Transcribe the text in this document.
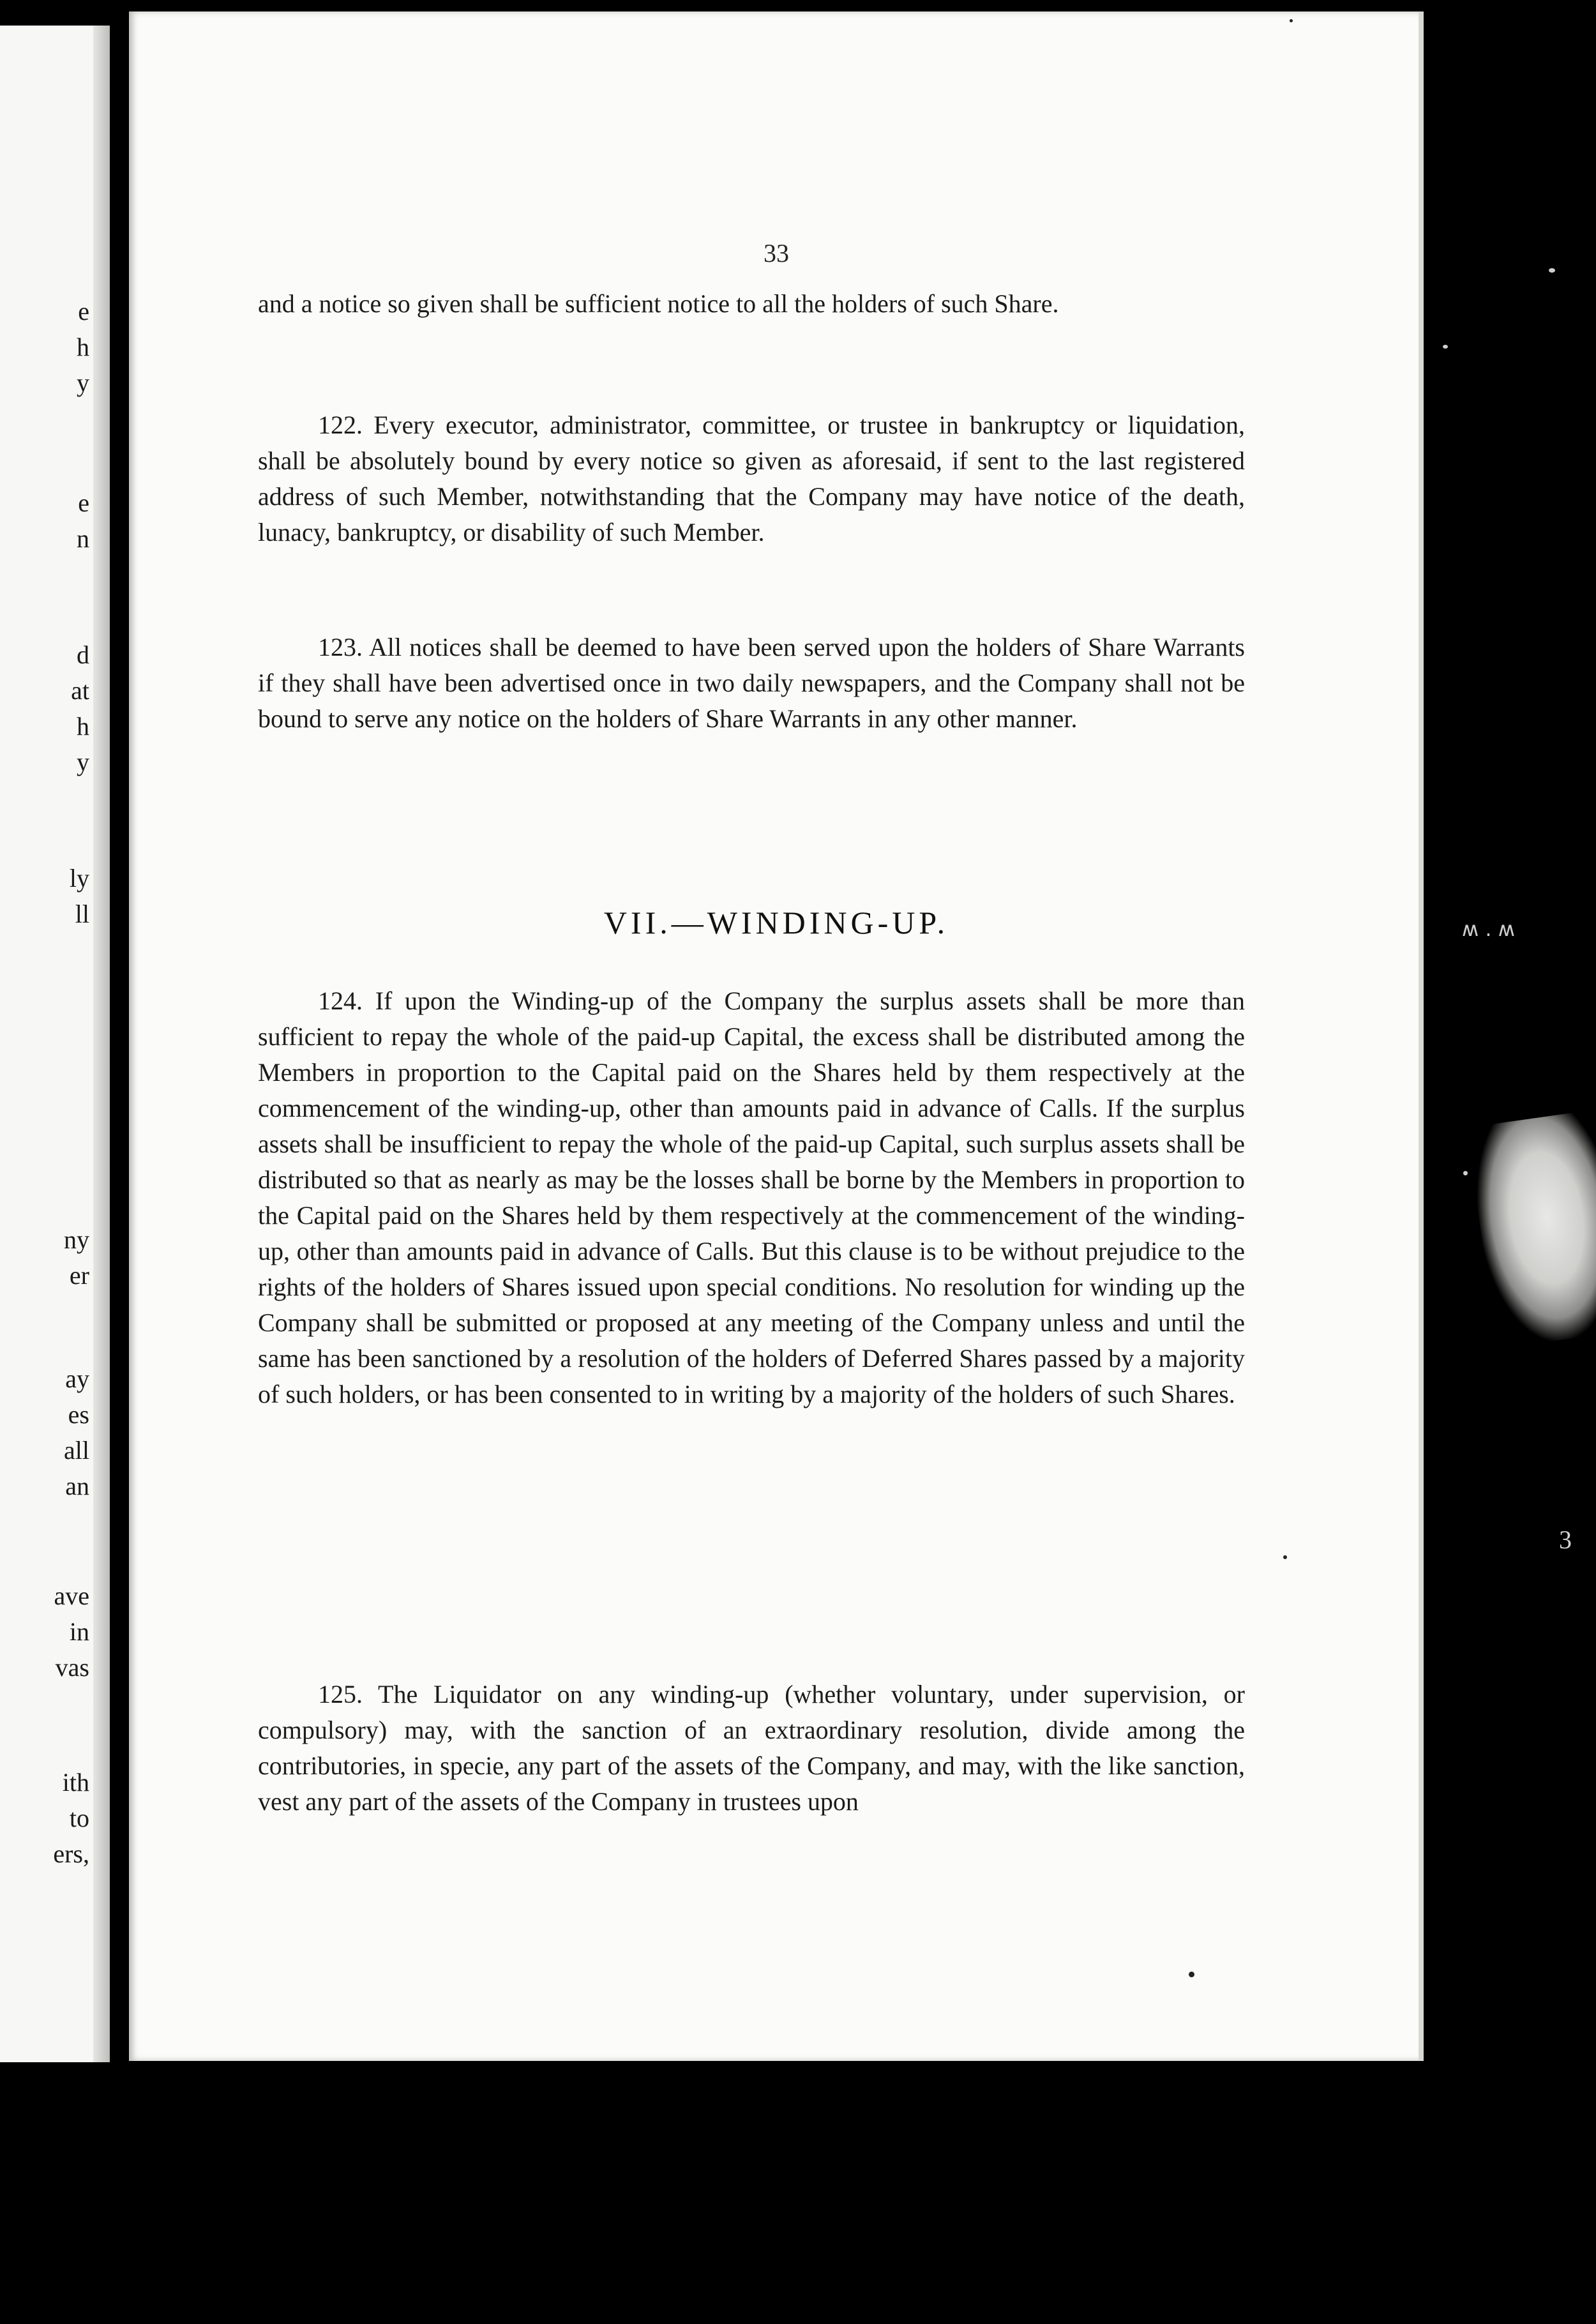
e
h
y
e
n
d
at
h
y
ly
ll
ny
er
ay
es
all
an
ave
in
vas
ith
to
ers,
33

and a notice so given shall be sufficient notice to all the holders of such Share.

122. Every executor, administrator, committee, or trustee in bankruptcy or liquidation, shall be absolutely bound by every notice so given as aforesaid, if sent to the last registered address of such Member, notwithstanding that the Company may have notice of the death, lunacy, bankruptcy, or disability of such Member.

123. All notices shall be deemed to have been served upon the holders of Share Warrants if they shall have been advertised once in two daily newspapers, and the Company shall not be bound to serve any notice on the holders of Share Warrants in any other manner.

VII.—WINDING-UP.

124. If upon the Winding-up of the Company the surplus assets shall be more than sufficient to repay the whole of the paid-up Capital, the excess shall be distributed among the Members in proportion to the Capital paid on the Shares held by them respectively at the commencement of the winding-up, other than amounts paid in advance of Calls. If the surplus assets shall be insufficient to repay the whole of the paid-up Capital, such surplus assets shall be distributed so that as nearly as may be the losses shall be borne by the Members in proportion to the Capital paid on the Shares held by them respectively at the commencement of the winding-up, other than amounts paid in advance of Calls. But this clause is to be without prejudice to the rights of the holders of Shares issued upon special conditions. No resolution for winding up the Company shall be submitted or proposed at any meeting of the Company unless and until the same has been sanctioned by a resolution of the holders of Deferred Shares passed by a majority of such holders, or has been consented to in writing by a majority of the holders of such Shares.

125. The Liquidator on any winding-up (whether voluntary, under supervision, or compulsory) may, with the sanction of an extraordinary resolution, divide among the contributories, in specie, any part of the assets of the Company, and may, with the like sanction, vest any part of the assets of the Company in trustees upon

ʍ . ʍ
3
